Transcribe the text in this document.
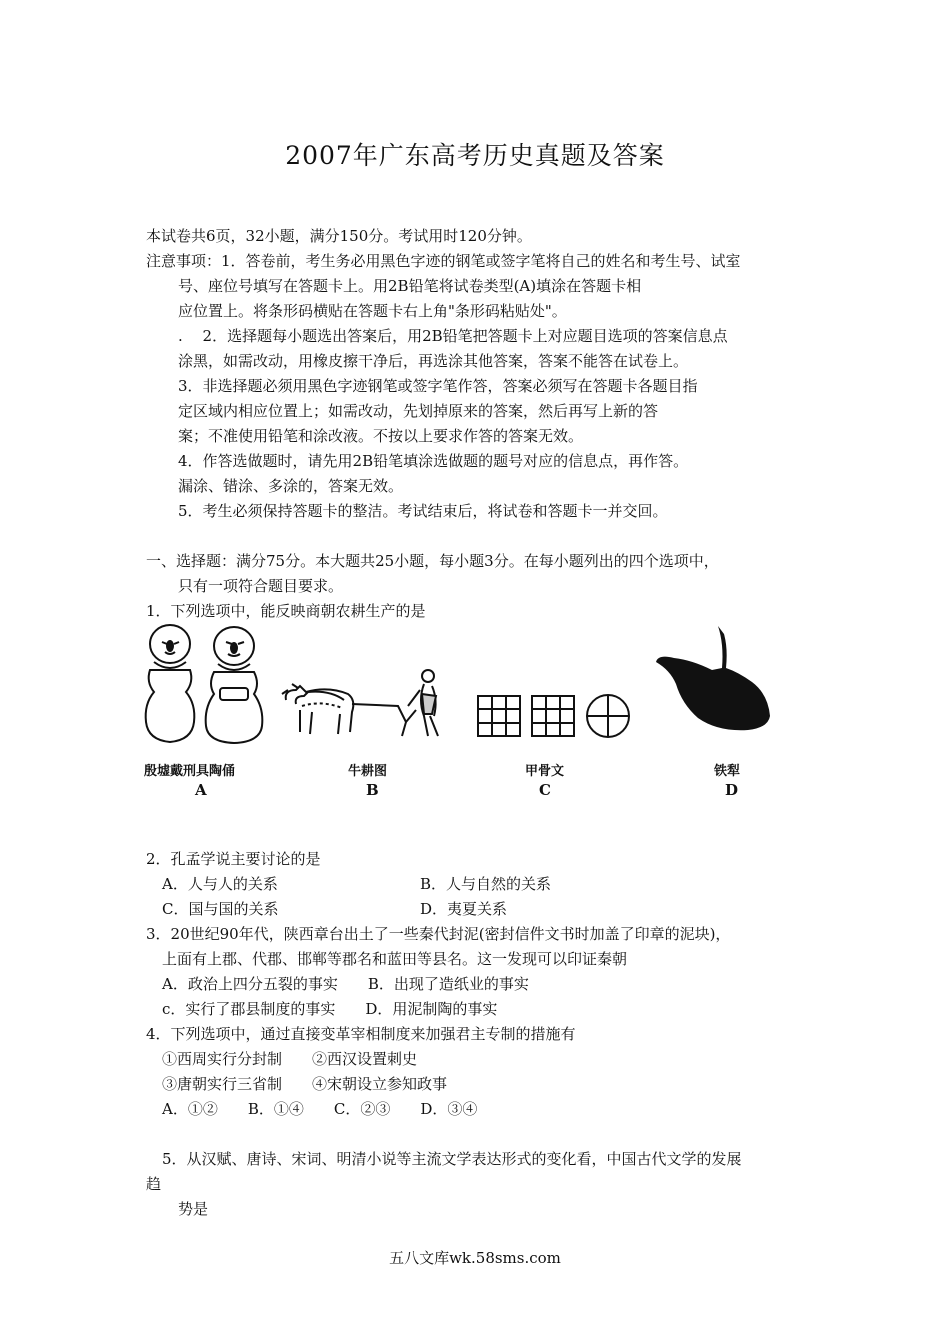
2007年广东高考历史真题及答案
本试卷共6页，32小题，满分150分。考试用时120分钟。
注意事项：1．答卷前，考生务必用黑色字迹的钢笔或签字笔将自己的姓名和考生号、试室
号、座位号填写在答题卡上。用2B铅笔将试卷类型(A)填涂在答题卡相
应位置上。将条形码横贴在答题卡右上角"条形码粘贴处"。
.　 2．选择题每小题选出答案后，用2B铅笔把答题卡上对应题目选项的答案信息点
涂黑，如需改动，用橡皮擦干净后，再选涂其他答案，答案不能答在试卷上。
3．非选择题必须用黑色字迹钢笔或签字笔作答，答案必须写在答题卡各题目指
定区域内相应位置上；如需改动，先划掉原来的答案，然后再写上新的答
案；不准使用铅笔和涂改液。不按以上要求作答的答案无效。
4．作答选做题时，请先用2B铅笔填涂选做题的题号对应的信息点，再作答。
漏涂、错涂、多涂的，答案无效。
5．考生必须保持答题卡的整洁。考试结束后，将试卷和答题卡一并交回。
一、选择题：满分75分。本大题共25小题，每小题3分。在每小题列出的四个选项中，
只有一项符合题目要求。
1．下列选项中，能反映商朝农耕生产的是
殷墟戴刑具陶俑	牛耕图	甲骨文	铁犁
A	B	C	D
2．孔孟学说主要讨论的是
A．人与人的关系	B．人与自然的关系
C．国与国的关系	D．夷夏关系
3．20世纪90年代，陕西章台出土了一些秦代封泥(密封信件文书时加盖了印章的泥块)，
上面有上郡、代郡、邯郸等郡名和蓝田等县名。这一发现可以印证秦朝
A．政治上四分五裂的事实　　B．出现了造纸业的事实
c．实行了郡县制度的事实　　D．用泥制陶的事实
4．下列选项中，通过直接变革宰相制度来加强君主专制的措施有
①西周实行分封制　　②西汉设置刺史
③唐朝实行三省制　　④宋朝设立参知政事
A．①②　　B．①④　　C．②③　　D．③④
5．从汉赋、唐诗、宋词、明清小说等主流文学表达形式的变化看，中国古代文学的发展
趋
势是
五八文库wk.58sms.com
